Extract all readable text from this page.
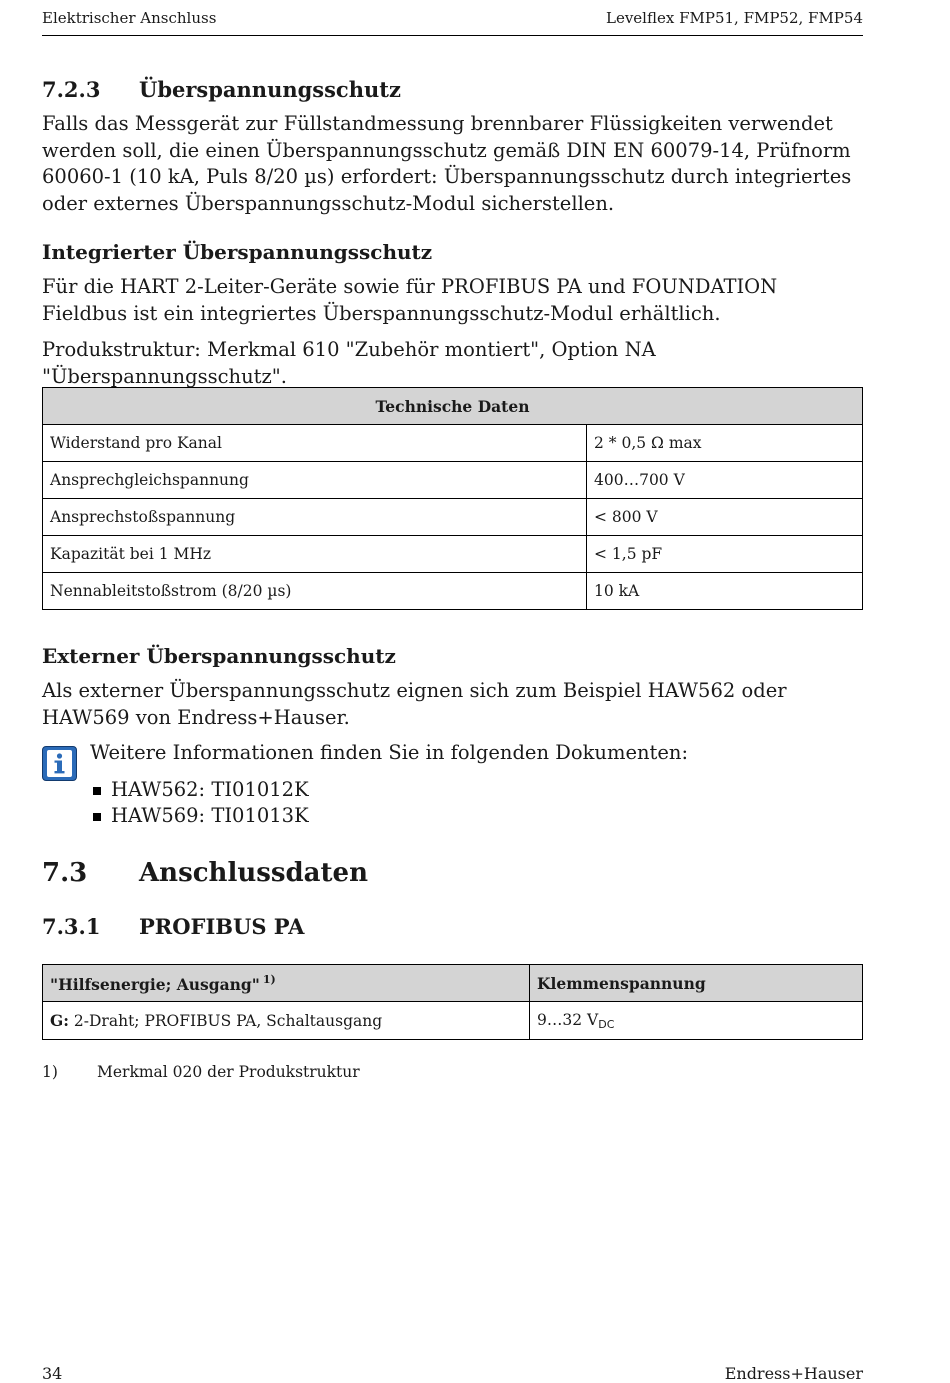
Elektrischer Anschluss	Levelflex FMP51, FMP52, FMP54
7.2.3 Überspannungsschutz

Falls das Messgerät zur Füllstandmessung brennbarer Flüssigkeiten verwendet werden soll, die einen Überspannungsschutz gemäß DIN EN 60079-14, Prüfnorm 60060-1 (10 kA, Puls 8/20 µs) erfordert: Überspannungsschutz durch integriertes oder externes Überspannungsschutz-Modul sicherstellen.

Integrierter Überspannungsschutz

Für die HART 2-Leiter-Geräte sowie für PROFIBUS PA und FOUNDATION Fieldbus ist ein integriertes Überspannungsschutz-Modul erhältlich.

Produkstruktur: Merkmal 610 "Zubehör montiert", Option NA "Überspannungsschutz".

Technische Daten	
Widerstand pro Kanal	2 * 0,5 Ω max
Ansprechgleichspannung	400…700 V
Ansprechstoßspannung	< 800 V
Kapazität bei 1 MHz	< 1,5 pF
Nennableitstoßstrom (8/20 µs)	10 kA
Externer Überspannungsschutz

Als externer Überspannungsschutz eignen sich zum Beispiel HAW562 oder HAW569 von Endress+Hauser.

Weitere Informationen finden Sie in folgenden Dokumenten:
HAW562: TI01012K
HAW569: TI01013K
7.3 Anschlussdaten
7.3.1 PROFIBUS PA
"Hilfsenergie; Ausgang" $^{1)}$	Klemmenspannung
G: 2-Draht; PROFIBUS PA, Schaltausgang	9…32 $V_{DC}$
1)	Merkmal 020 der Produkstruktur
34	Endress+Hauser
